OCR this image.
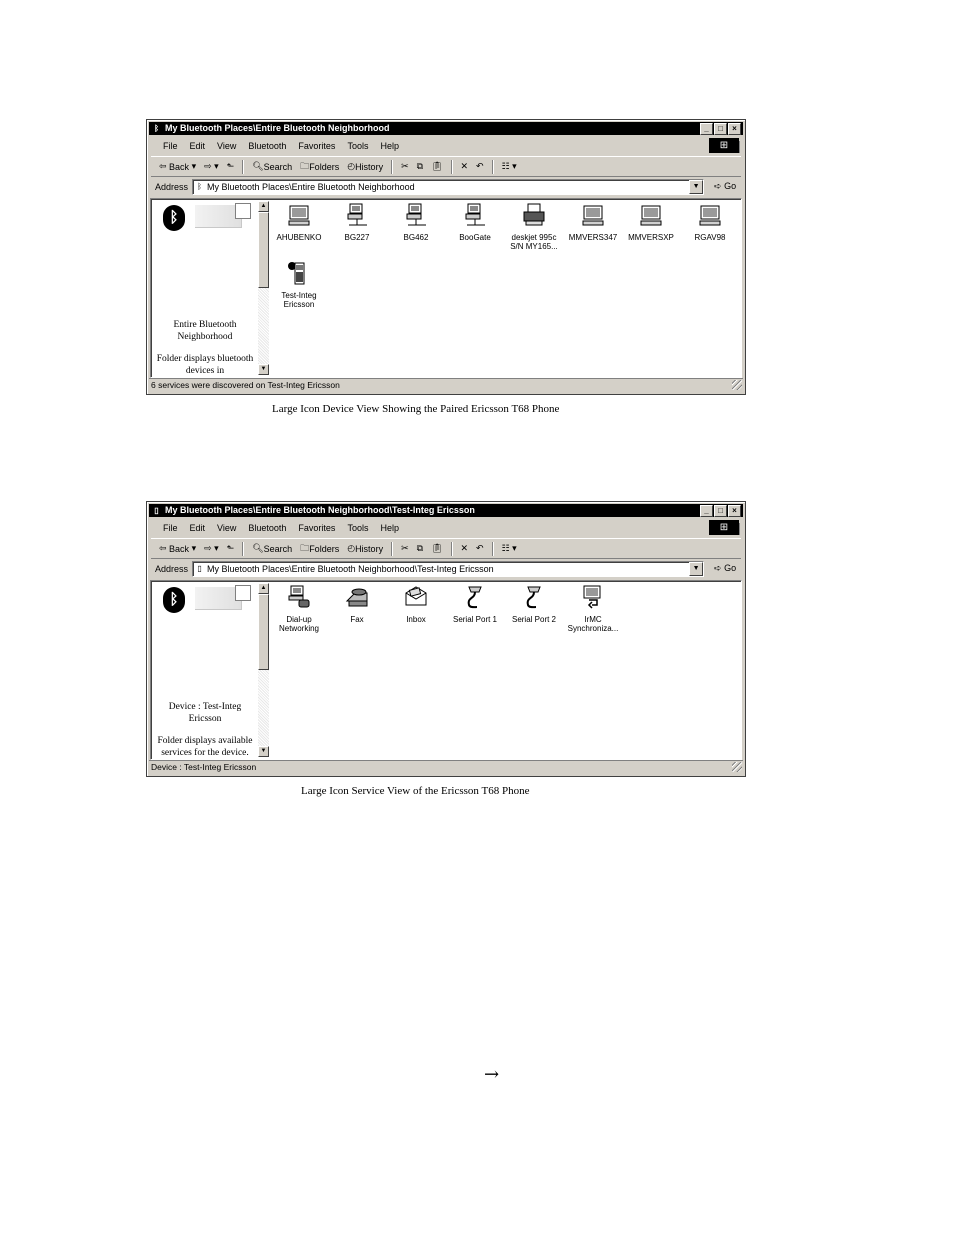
ᛒ My Bluetooth Places\Entire Bluetooth Neighborhood	_	□	×
File Edit View Bluetooth Favorites Tools Help	⊞
⇦ Back ▾ ⇨ ▾ ⬑ 🔍︎ Search 🗀︎ Folders ◴ History ✂ ⧉ 📋︎ ✕ ↶ ☷ ▾
Address ᛒ My Bluetooth Places\Entire Bluetooth Neighborhood	▼	➪ Go
ᛒ
Entire Bluetooth Neighborhood
Folder displays bluetooth devices in
▲
▼
AHUBENKO	BG227	BG462	BooGate	deskjet 995c S/N MY165...
MMVERS347	MMVERSXP	RGAV98
Test-Integ Ericsson
6 services were discovered on Test-Integ Ericsson
Large Icon Device View Showing the Paired Ericsson T68 Phone
▯ My Bluetooth Places\Entire Bluetooth Neighborhood\Test-Integ Ericsson	_	□	×
File Edit View Bluetooth Favorites Tools Help	⊞
⇦ Back ▾ ⇨ ▾ ⬑ 🔍︎ Search 🗀︎ Folders ◴ History ✂ ⧉ 📋︎ ✕ ↶ ☷ ▾
Address ▯ My Bluetooth Places\Entire Bluetooth Neighborhood\Test-Integ Ericsson	▼	➪ Go
ᛒ
Device : Test-Integ Ericsson
Folder displays available services for the device.
▲
▼
Dial-up Networking
Fax	Inbox	Serial Port 1	Serial Port 2	IrMC Synchroniza...
Device : Test-Integ Ericsson
Large Icon Service View of the Ericsson T68 Phone
→
